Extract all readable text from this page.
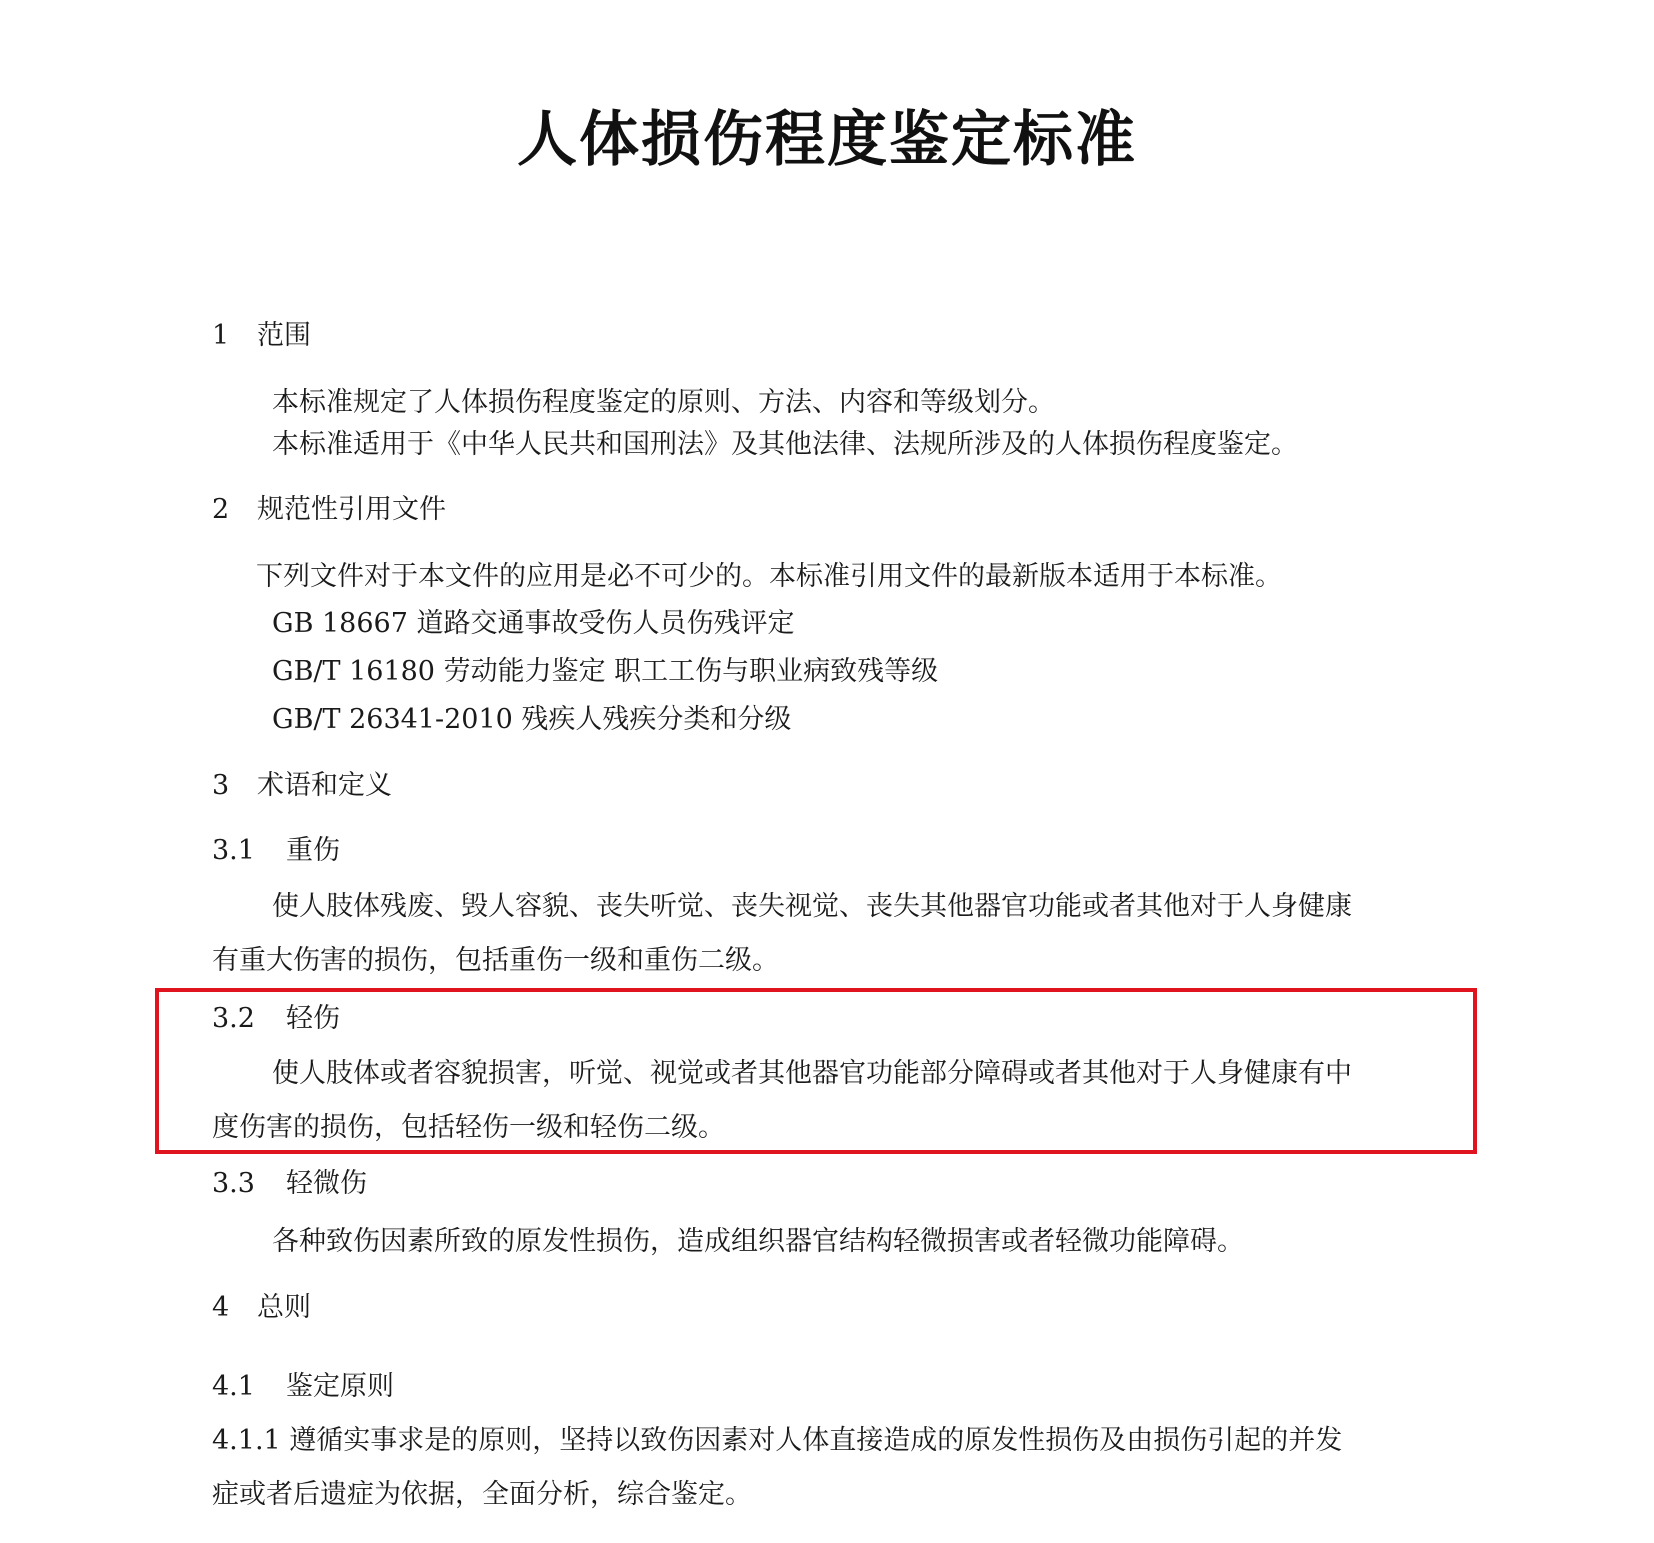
人体损伤程度鉴定标准
1 范围
本标准规定了人体损伤程度鉴定的原则、方法、内容和等级划分。
本标准适用于《中华人民共和国刑法》及其他法律、法规所涉及的人体损伤程度鉴定。
2 规范性引用文件
下列文件对于本文件的应用是必不可少的。本标准引用文件的最新版本适用于本标准。
GB 18667 道路交通事故受伤人员伤残评定
GB/T 16180 劳动能力鉴定 职工工伤与职业病致残等级
GB/T 26341-2010 残疾人残疾分类和分级
3 术语和定义
3.1 重伤
使人肢体残废、毁人容貌、丧失听觉、丧失视觉、丧失其他器官功能或者其他对于人身健康
有重大伤害的损伤，包括重伤一级和重伤二级。
3.2 轻伤
使人肢体或者容貌损害，听觉、视觉或者其他器官功能部分障碍或者其他对于人身健康有中
度伤害的损伤，包括轻伤一级和轻伤二级。
3.3 轻微伤
各种致伤因素所致的原发性损伤，造成组织器官结构轻微损害或者轻微功能障碍。
4 总则
4.1 鉴定原则
4.1.1 遵循实事求是的原则，坚持以致伤因素对人体直接造成的原发性损伤及由损伤引起的并发
症或者后遗症为依据，全面分析，综合鉴定。
